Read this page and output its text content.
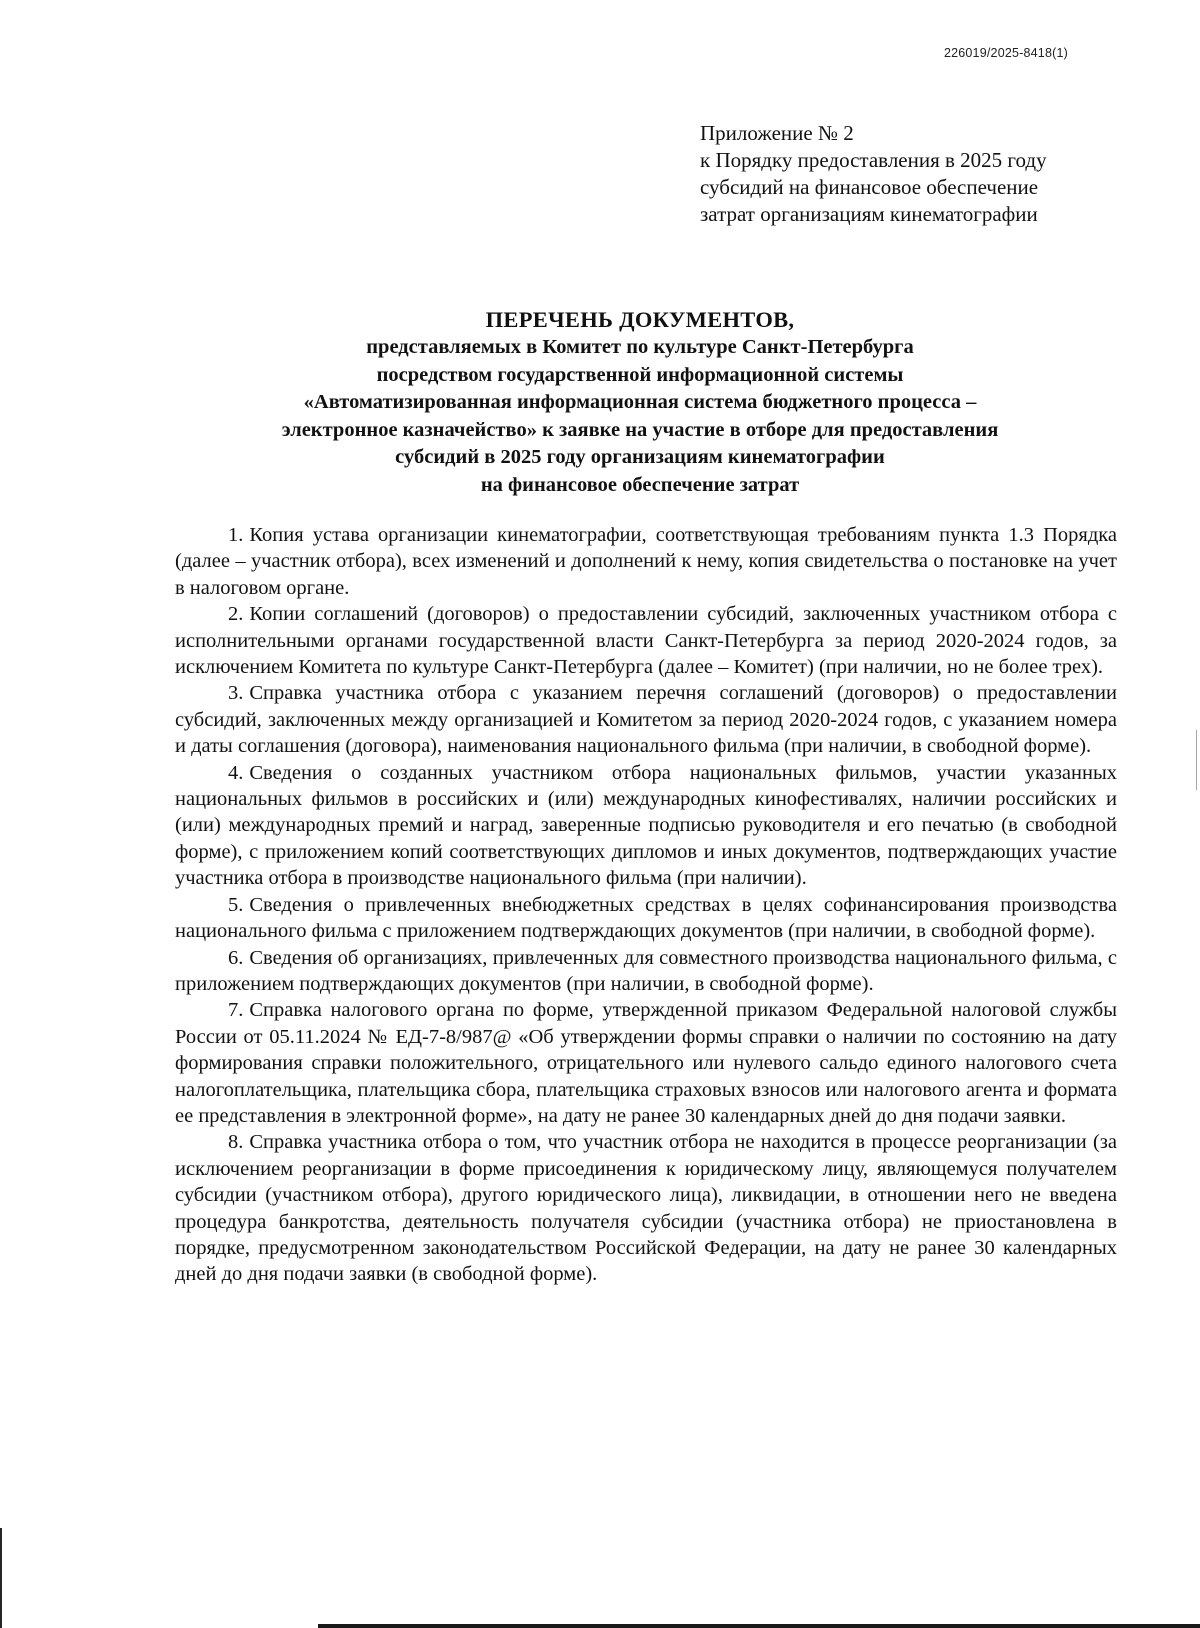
226019/2025-8418(1)
Приложение № 2
к Порядку предоставления в 2025 году
субсидий на финансовое обеспечение
затрат организациям кинематографии
ПЕРЕЧЕНЬ ДОКУМЕНТОВ,
представляемых в Комитет по культуре Санкт-Петербурга
посредством государственной информационной системы
«Автоматизированная информационная система бюджетного процесса –
электронное казначейство» к заявке на участие в отборе для предоставления
субсидий в 2025 году организациям кинематографии
на финансовое обеспечение затрат

1. Копия устава организации кинематографии, соответствующая требованиям пункта 1.3 Порядка (далее – участник отбора), всех изменений и дополнений к нему, копия свидетельства о постановке на учет в налоговом органе.

2. Копии соглашений (договоров) о предоставлении субсидий, заключенных участником отбора с исполнительными органами государственной власти Санкт-Петербурга за период 2020-2024 годов, за исключением Комитета по культуре Санкт-Петербурга (далее – Комитет) (при наличии, но не более трех).

3. Справка участника отбора с указанием перечня соглашений (договоров) о предоставлении субсидий, заключенных между организацией и Комитетом за период 2020-2024 годов, с указанием номера и даты соглашения (договора), наименования национального фильма (при наличии, в свободной форме).

4. Сведения о созданных участником отбора национальных фильмов, участии указанных национальных фильмов в российских и (или) международных кинофестивалях, наличии российских и (или) международных премий и наград, заверенные подписью руководителя и его печатью (в свободной форме), с приложением копий соответствующих дипломов и иных документов, подтверждающих участие участника отбора в производстве национального фильма (при наличии).

5. Сведения о привлеченных внебюджетных средствах в целях софинансирования производства национального фильма с приложением подтверждающих документов (при наличии, в свободной форме).

6. Сведения об организациях, привлеченных для совместного производства национального фильма, с приложением подтверждающих документов (при наличии, в свободной форме).

7. Справка налогового органа по форме, утвержденной приказом Федеральной налоговой службы России от 05.11.2024 № ЕД-7-8/987@ «Об утверждении формы справки о наличии по состоянию на дату формирования справки положительного, отрицательного или нулевого сальдо единого налогового счета налогоплательщика, плательщика сбора, плательщика страховых взносов или налогового агента и формата ее представления в электронной форме», на дату не ранее 30 календарных дней до дня подачи заявки.

8. Справка участника отбора о том, что участник отбора не находится в процессе реорганизации (за исключением реорганизации в форме присоединения к юридическому лицу, являющемуся получателем субсидии (участником отбора), другого юридического лица), ликвидации, в отношении него не введена процедура банкротства, деятельность получателя субсидии (участника отбора) не приостановлена в порядке, предусмотренном законодательством Российской Федерации, на дату не ранее 30 календарных дней до дня подачи заявки (в свободной форме).
